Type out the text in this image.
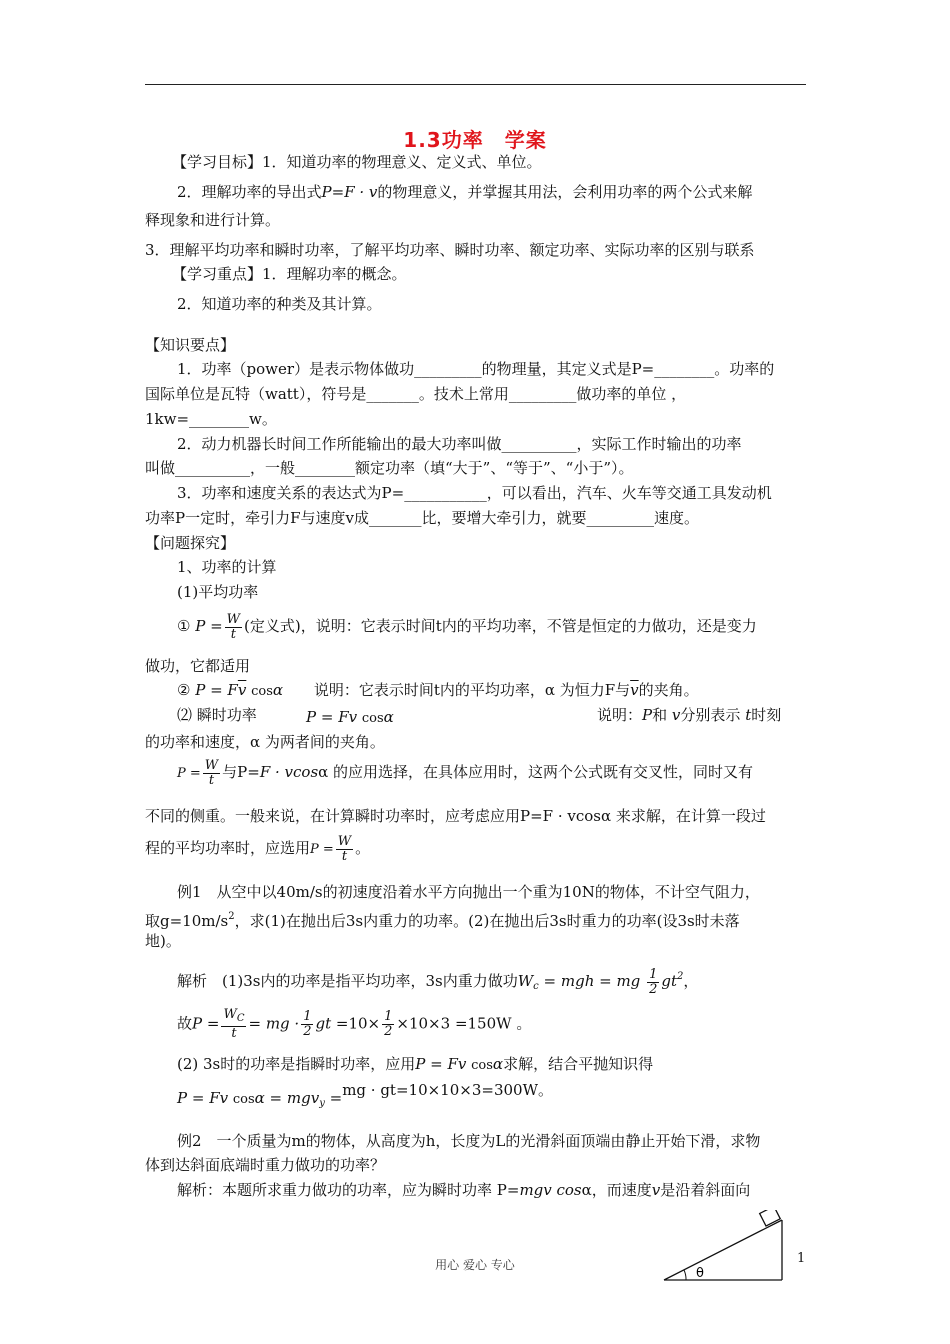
1.3功率　学案
【学习目标】1．知道功率的物理意义、定义式、单位。
2．理解功率的导出式P=F · v的物理意义，并掌握其用法，会利用功率的两个公式来解
释现象和进行计算。
3．理解平均功率和瞬时功率，了解平均功率、瞬时功率、额定功率、实际功率的区别与联系
【学习重点】1．理解功率的概念。
2．知道功率的种类及其计算。
【知识要点】
1．功率（power）是表示物体做功_________的物理量，其定义式是P=________。功率的
国际单位是瓦特（watt），符号是_______。技术上常用_________做功率的单位 ，
1kw=________w。
2．动力机器长时间工作所能输出的最大功率叫做__________，实际工作时输出的功率
叫做__________，一般________额定功率（填“大于”、“等于”、“小于”）。
3．功率和速度关系的表达式为P=___________，可以看出，汽车、火车等交通工具发动机
功率P一定时，牵引力F与速度v成_______比，要增大牵引力，就要_________速度。
【问题探究】
1、功率的计算
(1)平均功率
① $P = \frac{W}{t}$ (定义式)，说明：它表示时间t内的平均功率，不管是恒定的力做功，还是变力
做功，它都适用
② $P = F\overline{v}$ cosα 说明：它表示时间t内的平均功率，α 为恒力F与$\overline{v}$的夹角。
⑵ 瞬时功率	P = Fv cosα	说明：P和 v分别表示 t时刻
的功率和速度，α 为两者间的夹角。
$P = \frac{W}{t}$ 与P=F · vcosα 的应用选择，在具体应用时，这两个公式既有交叉性，同时又有
不同的侧重。一般来说，在计算瞬时功率时，应考虑应用P=F · vcosα 来求解，在计算一段过
程的平均功率时，应选用$P = \frac{W}{t}$ 。
例1　从空中以40m/s的初速度沿着水平方向抛出一个重为10N的物体，不计空气阻力，
取$g=10m/s^2$，求(1)在抛出后3s内重力的功率。(2)在抛出后3s时重力的功率(设3s时未落
地)。
解析　(1)3s内的功率是指平均功率，3s内重力做功$W_c$ = mgh = mg $\frac{1}{2} gt^2$，
故$P = \frac{W_C}{t}$ = mg · $\frac{1}{2}$ gt $=10\times \frac{1}{2} \times 10\times 3 =150W$ 。
(2) 3s时的功率是指瞬时功率，应用P = Fv cosα求解，结合平抛知识得
P = Fv cosα = mgv$_y$ =mg · gt=10×10×3=300W。
例2　一个质量为m的物体，从高度为h，长度为L的光滑斜面顶端由静止开始下滑，求物
体到达斜面底端时重力做功的功率？
解析：本题所求重力做功的功率，应为瞬时功率 P=mgv cosα，而速度v是沿着斜面向
θ
用心 爱心 专心	1
